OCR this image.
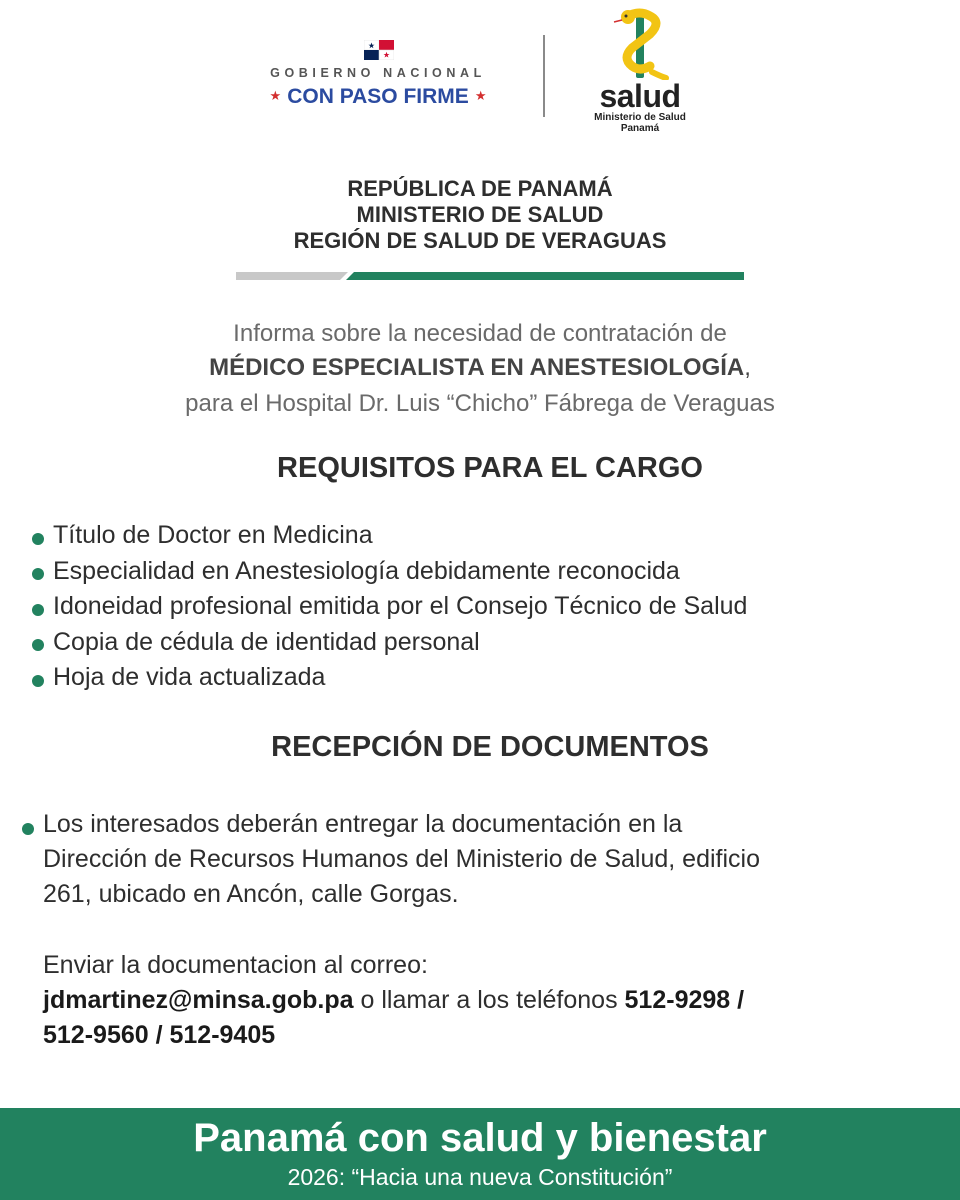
GOBIERNO NACIONAL
★ CON PASO FIRME ★	salud
Ministerio de Salud
Panamá
REPÚBLICA DE PANAMÁ
MINISTERIO DE SALUD
REGIÓN DE SALUD DE VERAGUAS
Informa sobre la necesidad de contratación de
MÉDICO ESPECIALISTA EN ANESTESIOLOGÍA,
para el Hospital Dr. Luis “Chicho” Fábrega de Veraguas
REQUISITOS PARA EL CARGO
Título de Doctor en Medicina
Especialidad en Anestesiología debidamente reconocida
Idoneidad profesional emitida por el Consejo Técnico de Salud
Copia de cédula de identidad personal
Hoja de vida actualizada
RECEPCIÓN DE DOCUMENTOS
Los interesados deberán entregar la documentación en la
Dirección de Recursos Humanos del Ministerio de Salud, edificio
261, ubicado en Ancón, calle Gorgas.
Enviar la documentacion al correo:
jdmartinez@minsa.gob.pa o llamar a los teléfonos 512-9298 /
512-9560 / 512-9405
Panamá con salud y bienestar
2026: “Hacia una nueva Constitución”
